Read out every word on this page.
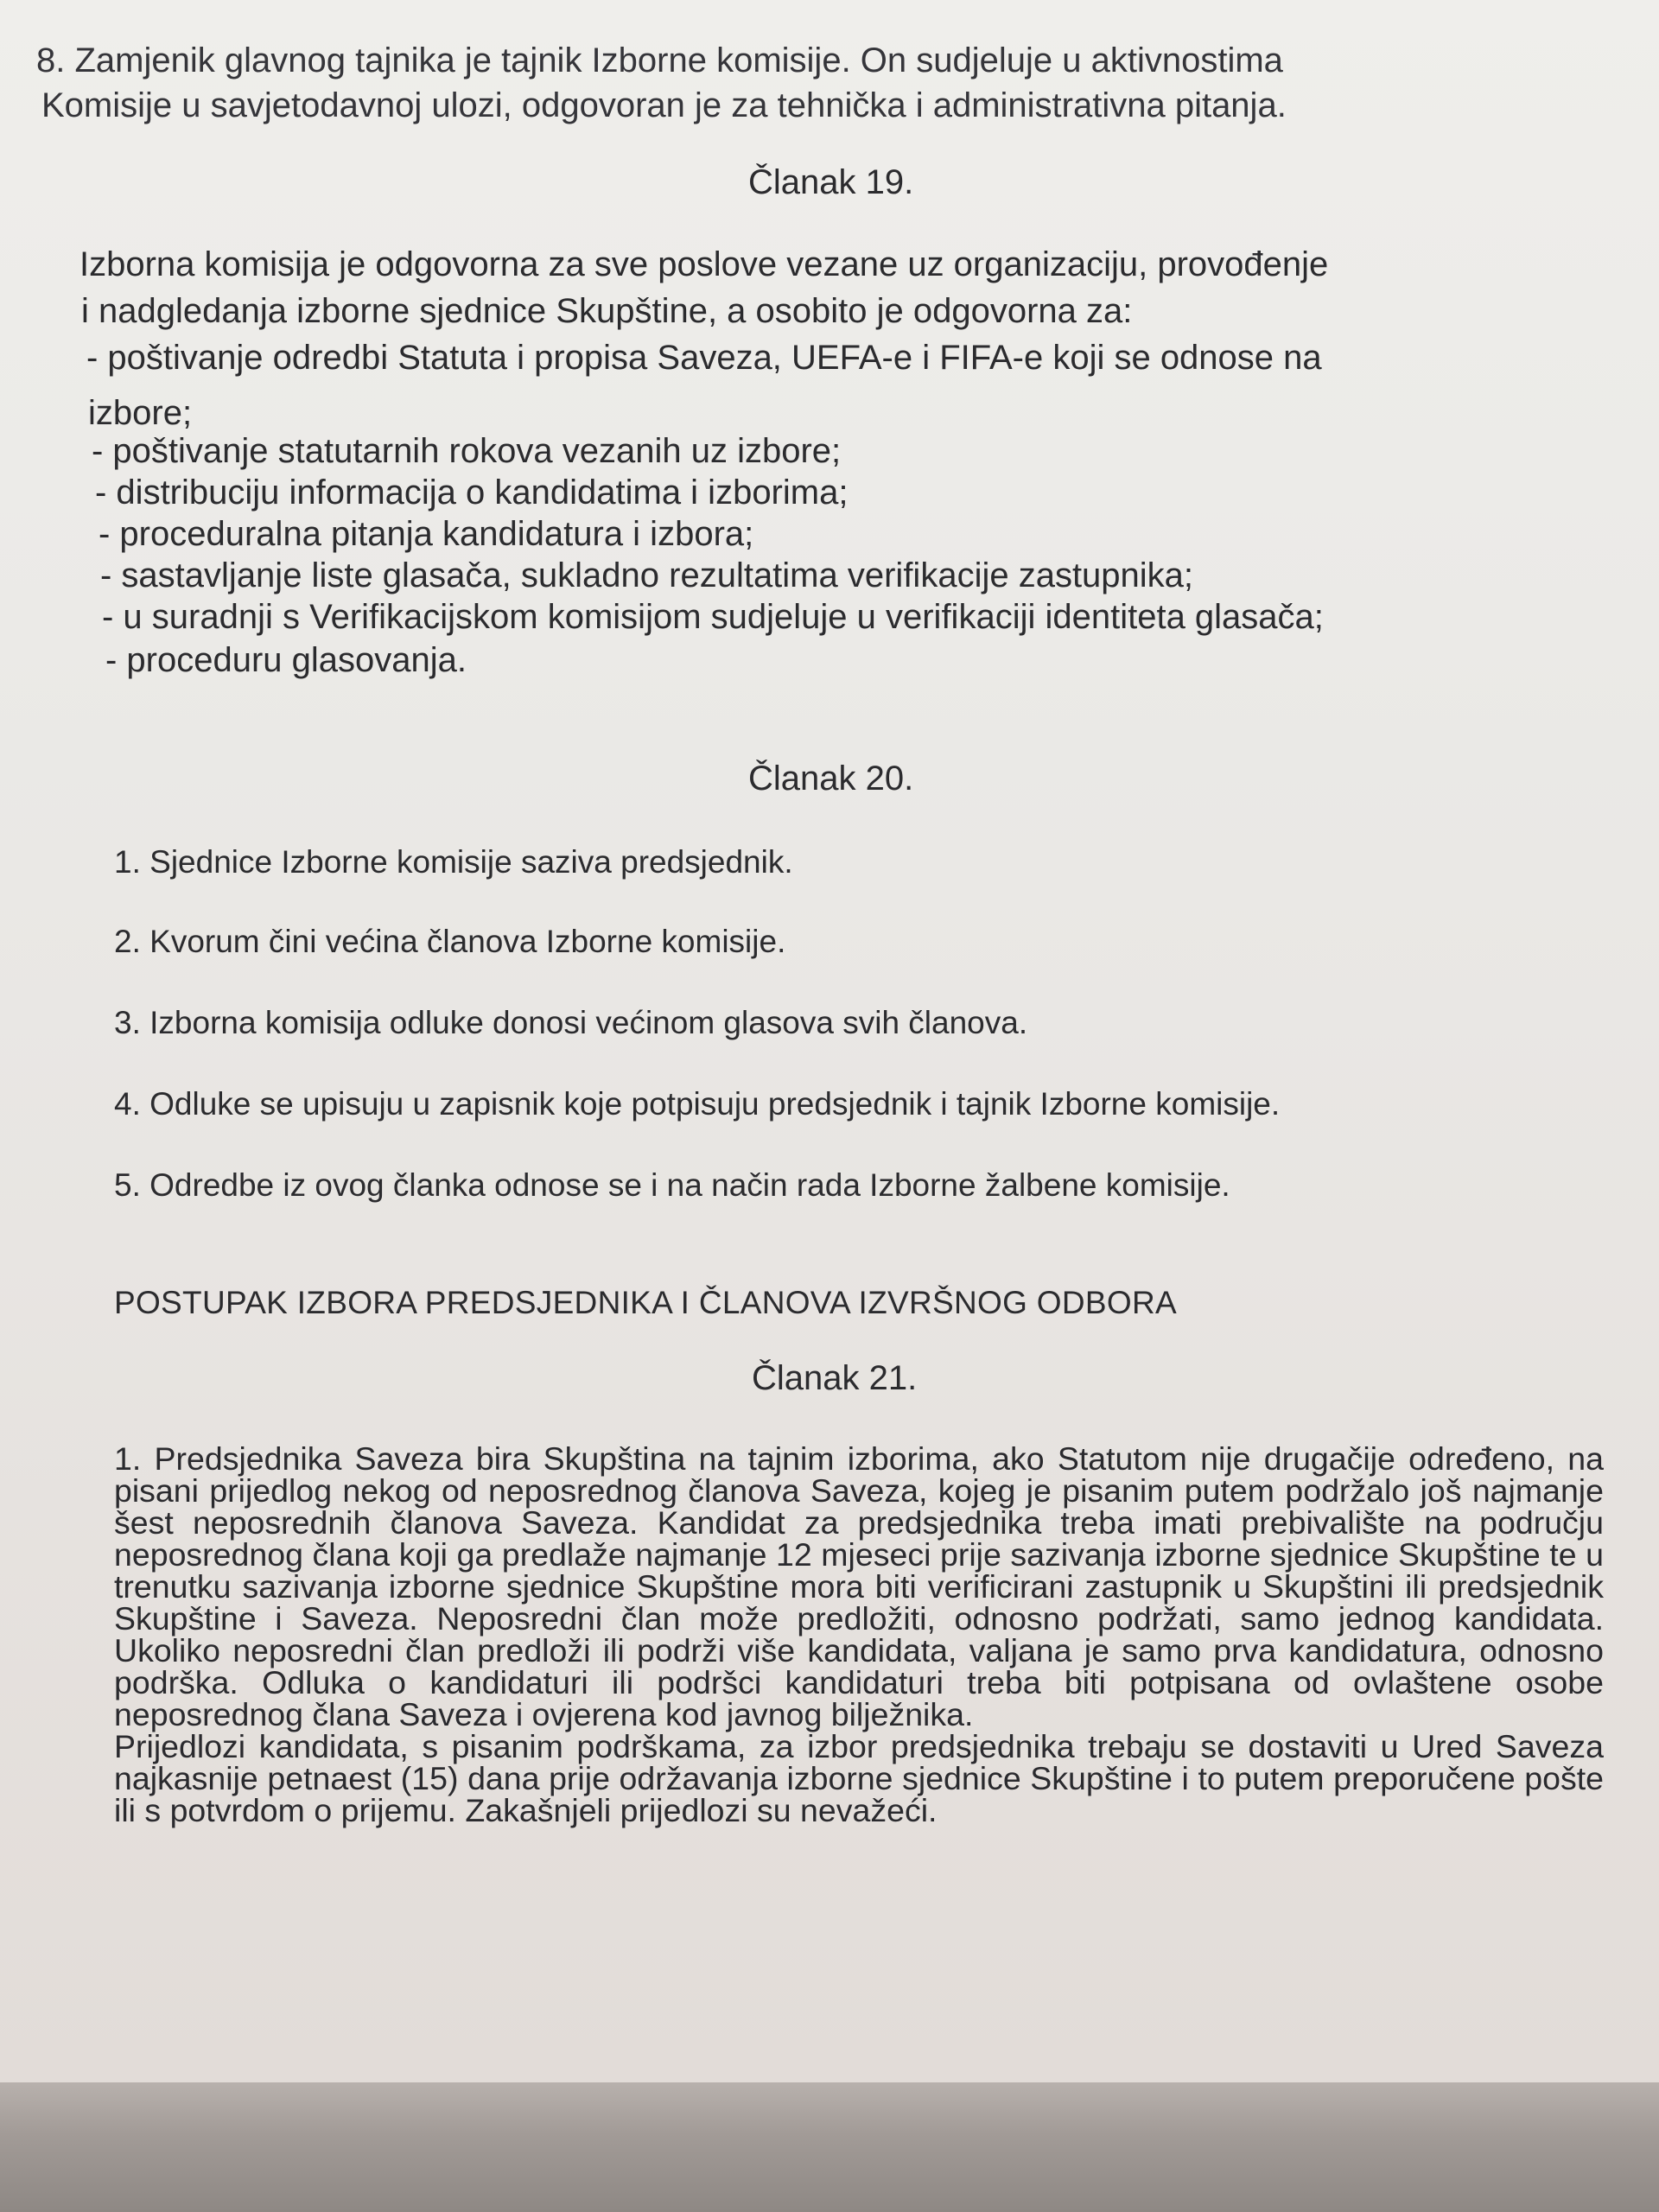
8. Zamjenik glavnog tajnika je tajnik Izborne komisije. On sudjeluje u aktivnostima
Komisije u savjetodavnoj ulozi, odgovoran je za tehnička i administrativna pitanja.
Članak 19.
Izborna komisija je odgovorna za sve poslove vezane uz organizaciju, provođenje
i nadgledanja izborne sjednice Skupštine, a osobito je odgovorna za:
- poštivanje odredbi Statuta i propisa Saveza, UEFA-e i FIFA-e koji se odnose na
izbore;
- poštivanje statutarnih rokova vezanih uz izbore;
- distribuciju informacija o kandidatima i izborima;
- proceduralna pitanja kandidatura i izbora;
- sastavljanje liste glasača, sukladno rezultatima verifikacije zastupnika;
- u suradnji s Verifikacijskom komisijom sudjeluje u verifikaciji identiteta glasača;
- proceduru glasovanja.
Članak 20.
1. Sjednice Izborne komisije saziva predsjednik.
2. Kvorum čini većina članova Izborne komisije.
3. Izborna komisija odluke donosi većinom glasova svih članova.
4. Odluke se upisuju u zapisnik koje potpisuju predsjednik i tajnik Izborne komisije.
5. Odredbe iz ovog članka odnose se i na način rada Izborne žalbene komisije.
POSTUPAK IZBORA PREDSJEDNIKA I ČLANOVA IZVRŠNOG ODBORA
Članak 21.

1. Predsjednika Saveza bira Skupština na tajnim izborima, ako Statutom nije drugačije određeno, na pisani prijedlog nekog od neposrednog članova Saveza, kojeg je pisanim putem podržalo još najmanje šest neposrednih članova Saveza. Kandidat za predsjednika treba imati prebivalište na području neposrednog člana koji ga predlaže najmanje 12 mjeseci prije sazivanja izborne sjednice Skupštine te u trenutku sazivanja izborne sjednice Skupštine mora biti verificirani zastupnik u Skupštini ili predsjednik Skupštine i Saveza. Neposredni član može predložiti, odnosno podržati, samo jednog kandidata. Ukoliko neposredni član predloži ili podrži više kandidata, valjana je samo prva kandidatura, odnosno podrška. Odluka o kandidaturi ili podršci kandidaturi treba biti potpisana od ovlaštene osobe neposrednog člana Saveza i ovjerena kod javnog bilježnika.

Prijedlozi kandidata, s pisanim podrškama, za izbor predsjednika trebaju se dostaviti u Ured Saveza najkasnije petnaest (15) dana prije održavanja izborne sjednice Skupštine i to putem preporučene pošte ili s potvrdom o prijemu. Zakašnjeli prijedlozi su nevažeći.
